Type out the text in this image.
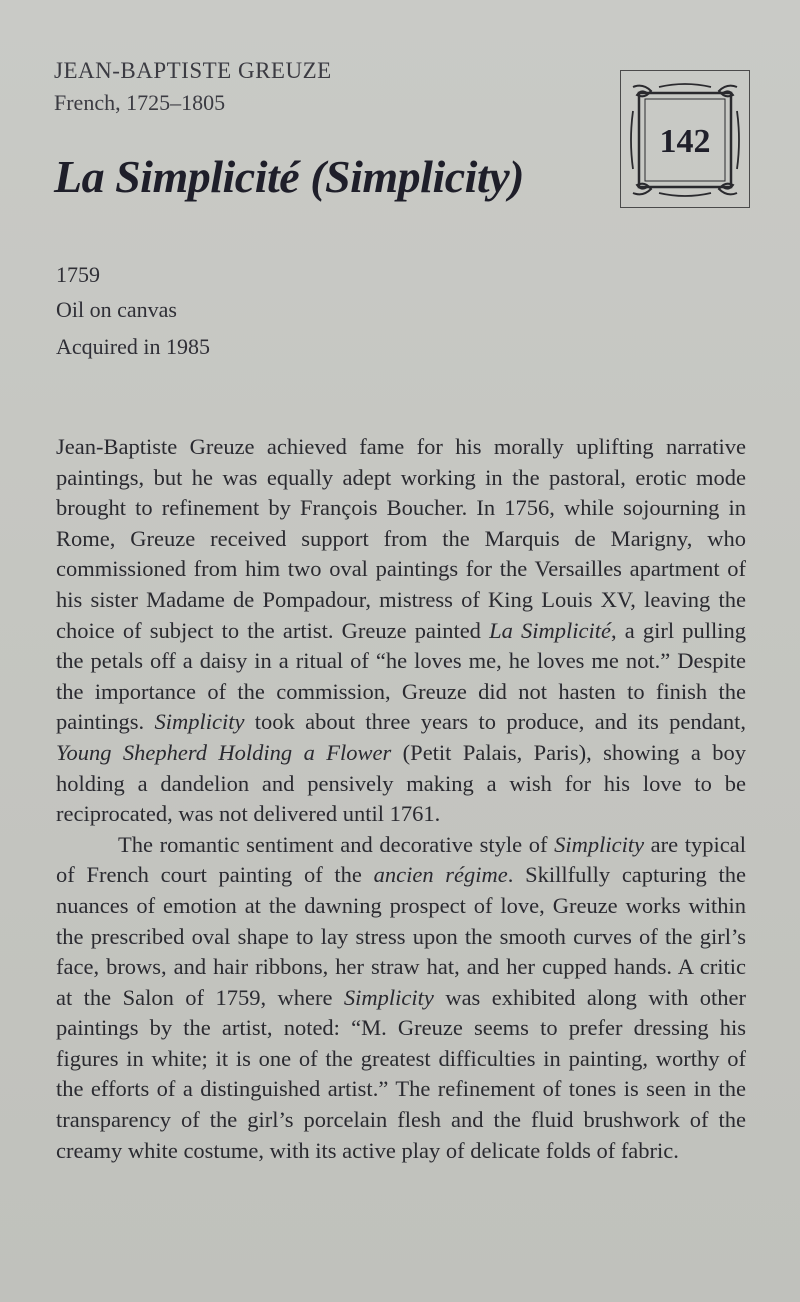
JEAN-BAPTISTE GREUZE
French, 1725–1805
La Simplicité (Simplicity)
142
1759
Oil on canvas
Acquired in 1985

Jean-Baptiste Greuze achieved fame for his morally uplifting narrative paintings, but he was equally adept working in the pastoral, erotic mode brought to refinement by François Boucher. In 1756, while sojourning in Rome, Greuze received support from the Marquis de Marigny, who commissioned from him two oval paintings for the Versailles apartment of his sister Madame de Pompadour, mistress of King Louis XV, leaving the choice of subject to the artist. Greuze painted La Simplicité, a girl pulling the petals off a daisy in a ritual of “he loves me, he loves me not.” Despite the importance of the commission, Greuze did not hasten to finish the paintings. Simplicity took about three years to produce, and its pendant, Young Shepherd Holding a Flower (Petit Palais, Paris), showing a boy holding a dandelion and pensively making a wish for his love to be reciprocated, was not delivered until 1761.

The romantic sentiment and decorative style of Simplicity are typical of French court painting of the ancien régime. Skillfully capturing the nuances of emotion at the dawning prospect of love, Greuze works within the prescribed oval shape to lay stress upon the smooth curves of the girl’s face, brows, and hair ribbons, her straw hat, and her cupped hands. A critic at the Salon of 1759, where Simplicity was exhibited along with other paintings by the artist, noted: “M. Greuze seems to prefer dressing his figures in white; it is one of the greatest difficulties in painting, worthy of the efforts of a distinguished artist.” The refinement of tones is seen in the transparency of the girl’s porcelain flesh and the fluid brushwork of the creamy white costume, with its active play of delicate folds of fabric.
